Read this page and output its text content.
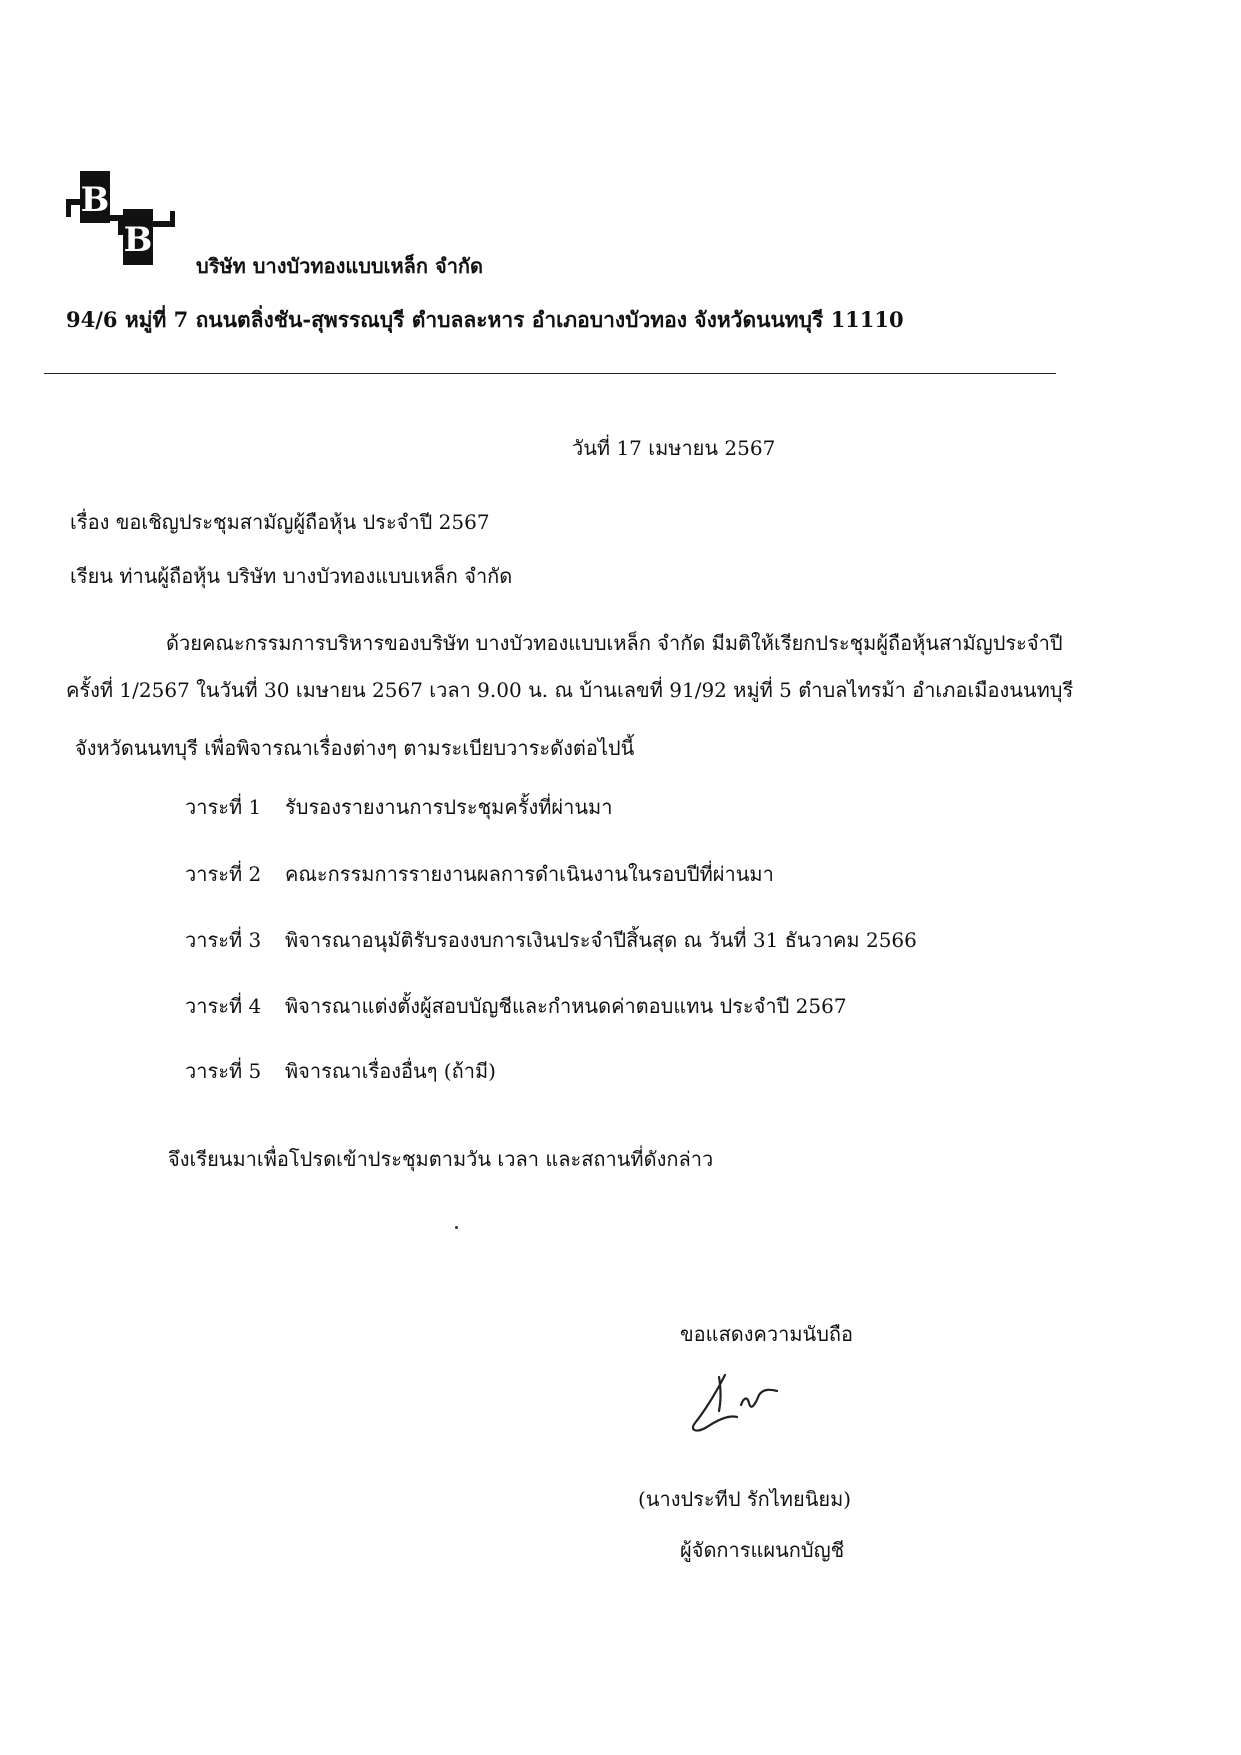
B
B
บริษัท บางบัวทองแบบเหล็ก จำกัด
94/6 หมู่ที่ 7 ถนนตลิ่งชัน-สุพรรณบุรี ตำบลละหาร อำเภอบางบัวทอง จังหวัดนนทบุรี 11110
วันที่ 17 เมษายน 2567
เรื่อง ขอเชิญประชุมสามัญผู้ถือหุ้น ประจำปี 2567
เรียน ท่านผู้ถือหุ้น บริษัท บางบัวทองแบบเหล็ก จำกัด
ด้วยคณะกรรมการบริหารของบริษัท บางบัวทองแบบเหล็ก จำกัด มีมติให้เรียกประชุมผู้ถือหุ้นสามัญประจำปี
ครั้งที่ 1/2567 ในวันที่ 30 เมษายน 2567 เวลา 9.00 น. ณ บ้านเลขที่ 91/92 หมู่ที่ 5 ตำบลไทรม้า อำเภอเมืองนนทบุรี
จังหวัดนนทบุรี เพื่อพิจารณาเรื่องต่างๆ ตามระเบียบวาระดังต่อไปนี้
วาระที่ 1 รับรองรายงานการประชุมครั้งที่ผ่านมา
วาระที่ 2 คณะกรรมการรายงานผลการดำเนินงานในรอบปีที่ผ่านมา
วาระที่ 3 พิจารณาอนุมัติรับรองงบการเงินประจำปีสิ้นสุด ณ วันที่ 31 ธันวาคม 2566
วาระที่ 4 พิจารณาแต่งตั้งผู้สอบบัญชีและกำหนดค่าตอบแทน ประจำปี 2567
วาระที่ 5 พิจารณาเรื่องอื่นๆ (ถ้ามี)
จึงเรียนมาเพื่อโปรดเข้าประชุมตามวัน เวลา และสถานที่ดังกล่าว
ขอแสดงความนับถือ
(นางประทีป รักไทยนิยม)
ผู้จัดการแผนกบัญชี
